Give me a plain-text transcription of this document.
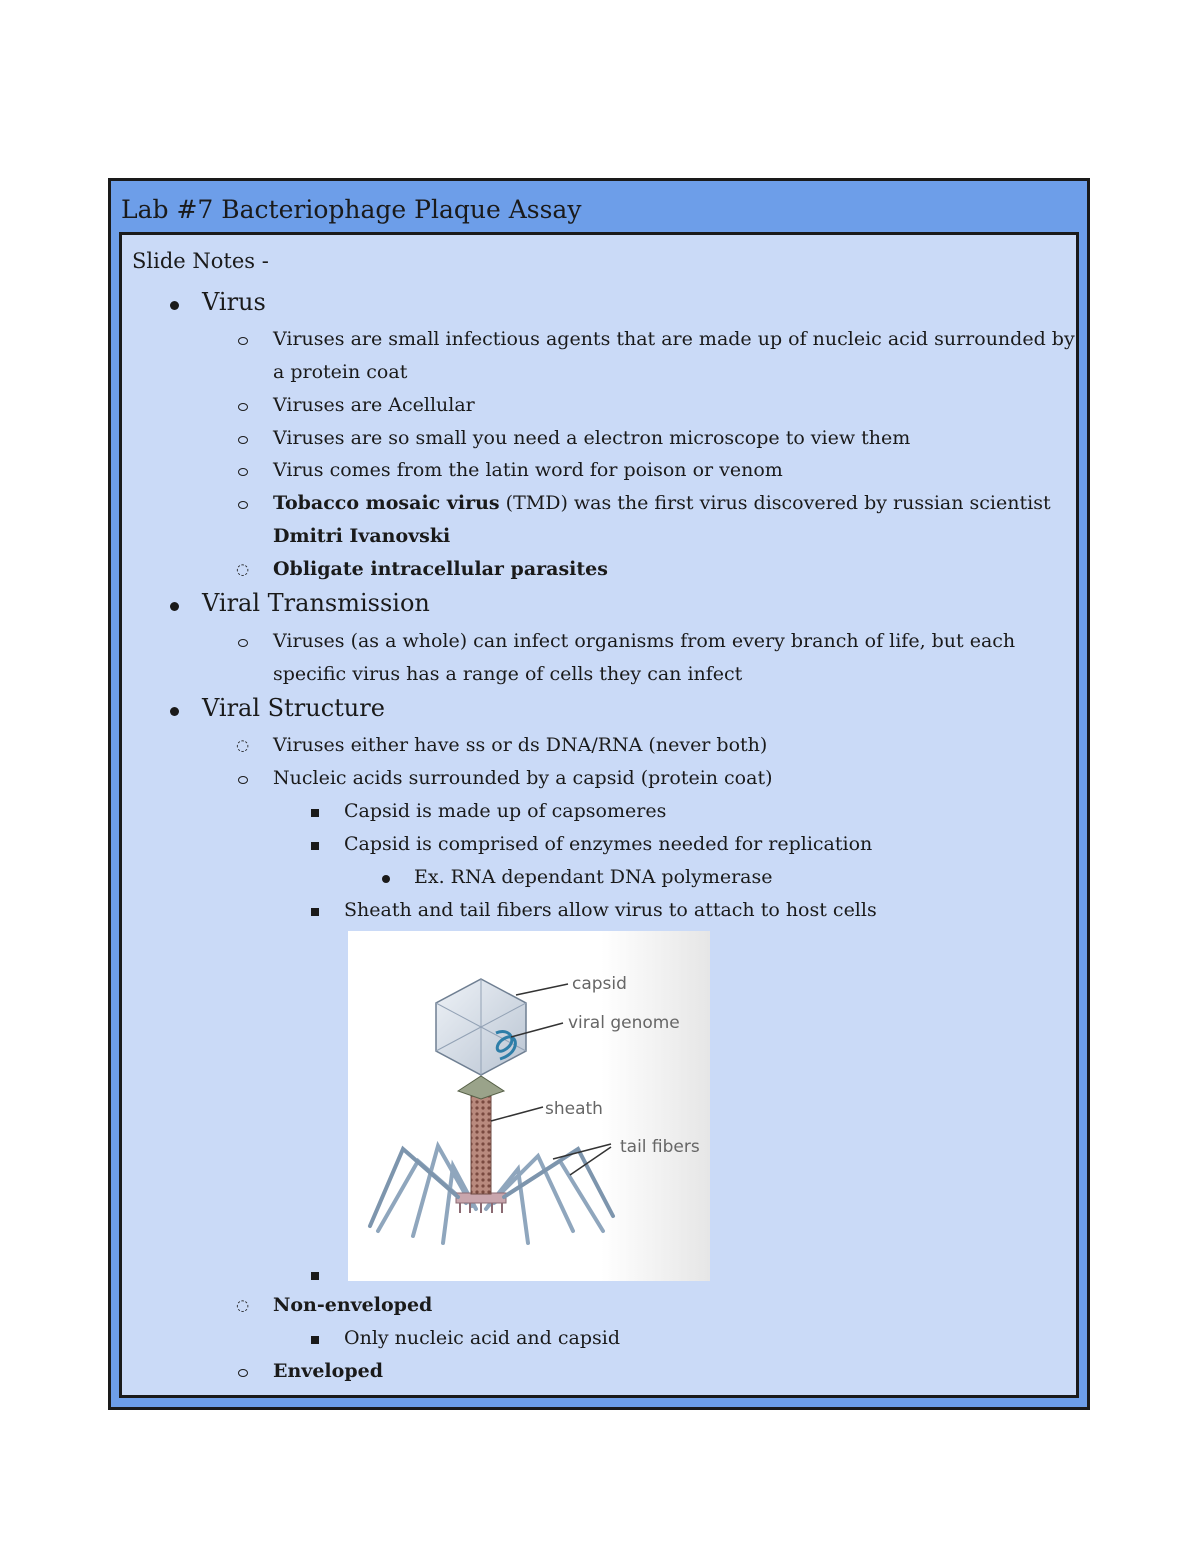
Lab #7 Bacteriophage Plaque Assay
Slide Notes -
Virus
Viruses are small infectious agents that are made up of nucleic acid surrounded by
a protein coat
Viruses are Acellular
Viruses are so small you need a electron microscope to view them
Virus comes from the latin word for poison or venom
Tobacco mosaic virus (TMD) was the first virus discovered by russian scientist
Dmitri Ivanovski
◌ Obligate intracellular parasites
Viral Transmission
Viruses (as a whole) can infect organisms from every branch of life, but each
specific virus has a range of cells they can infect
Viral Structure
◌ Viruses either have ss or ds DNA/RNA (never both)
Nucleic acids surrounded by a capsid (protein coat)
Capsid is made up of capsomeres
Capsid is comprised of enzymes needed for replication
Ex. RNA dependant DNA polymerase
Sheath and tail fibers allow virus to attach to host cells
capsid
viral genome
sheath
tail fibers
◌ Non-enveloped
Only nucleic acid and capsid
Enveloped
